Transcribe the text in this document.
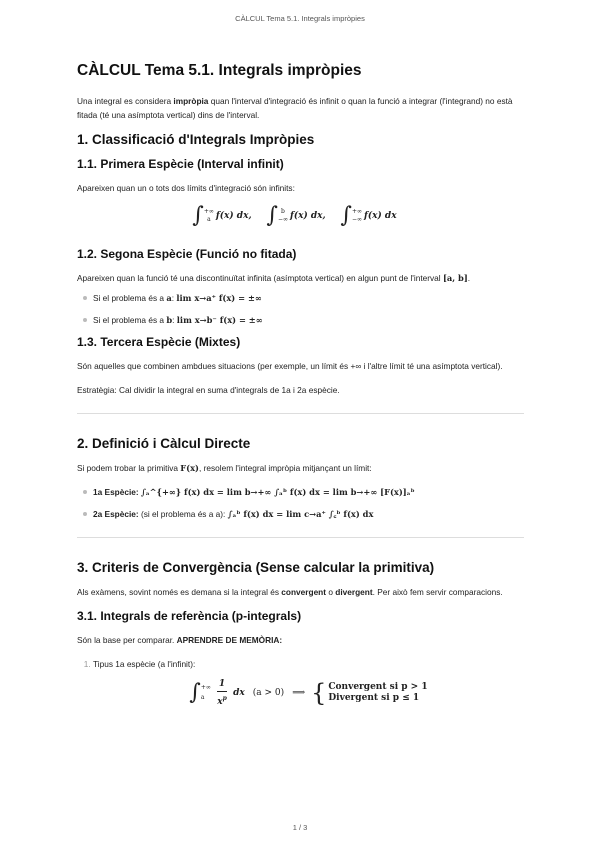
CÀLCUL Tema 5.1. Integrals impròpies
CÀLCUL Tema 5.1. Integrals impròpies

Una integral es considera impròpia quan l'interval d'integració és infinit o quan la funció a integrar (l'integrand) no està fitada (té una asímptota vertical) dins de l'interval.

1. Classificació d'Integrals Impròpies
1.1. Primera Espècie (Interval infinit)

Apareixen quan un o tots dos límits d'integració són infinits:

∫+∞
a f(x) dx, ∫ b
−∞ f(x) dx, ∫+∞
−∞ f(x) dx
1.2. Segona Espècie (Funció no fitada)

Apareixen quan la funció té una discontinuïtat infinita (asímptota vertical) en algun punt de l'interval [a, b].

Si el problema és a a: lim x→a⁺ f(x) = ±∞
Si el problema és a b: lim x→b⁻ f(x) = ±∞
1.3. Tercera Espècie (Mixtes)

Són aquelles que combinen ambdues situacions (per exemple, un límit és +∞ i l'altre límit té una asímptota vertical).

Estratègia: Cal dividir la integral en suma d'integrals de 1a i 2a espècie.

2. Definició i Càlcul Directe

Si podem trobar la primitiva F(x), resolem l'integral impròpia mitjançant un límit:

1a Espècie: ∫ₐ^{+∞} f(x) dx = lim b→+∞ ∫ₐᵇ f(x) dx = lim b→+∞ [F(x)]ₐᵇ
2a Espècie: (si el problema és a a): ∫ₐᵇ f(x) dx = lim c→a⁺ ∫꜀ᵇ f(x) dx
3. Criteris de Convergència (Sense calcular la primitiva)

Als exàmens, sovint només es demana si la integral és convergent o divergent. Per això fem servir comparacions.

3.1. Integrals de referència (p-integrals)

Són la base per comparar. APRENDRE DE MEMÒRIA:

1. Tipus 1a espècie (a l'infinit):
∫ +∞
a	$\frac{1}{x^p}$ dx (a > 0) ⟹ { Convergent si p > 1
Divergent si p ≤ 1
1 / 3
